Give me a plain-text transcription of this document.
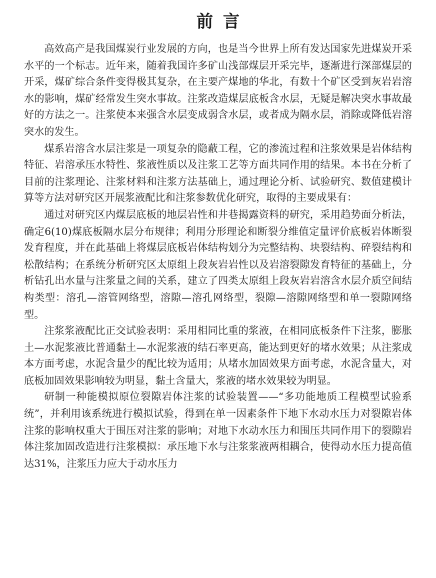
前言

高效高产是我国煤炭行业发展的方向，也是当今世界上所有发达国家先进煤炭开采水平的一个标志。近年来，随着我国许多矿山浅部煤层开采完毕，逐渐进行深部煤层的开采，煤矿综合条件变得极其复杂，在主要产煤地的华北，有数十个矿区受到灰岩岩溶水的影响，煤矿经常发生突水事故。注浆改造煤层底板含水层，无疑是解决突水事故最好的方法之一。注浆使本来强含水层变成弱含水层，或者成为隔水层，消除或降低岩溶突水的发生。

煤系岩溶含水层注浆是一项复杂的隐蔽工程，它的渗流过程和注浆效果是岩体结构特征、岩溶承压水特性、浆液性质以及注浆工艺等方面共同作用的结果。本书在分析了目前的注浆理论、注浆材料和注浆方法基础上，通过理论分析、试验研究、数值建模计算等方法对研究区开展浆液配比和注浆参数优化研究，取得的主要成果有：

通过对研究区内煤层底板的地层岩性和井巷揭露资料的研究，采用趋势面分析法，确定6(10)煤底板隔水层分布规律；利用分形理论和断裂分维值定量评价底板岩体断裂发育程度，并在此基础上将煤层底板岩体结构划分为完整结构、块裂结构、碎裂结构和松散结构；在系统分析研究区太原组上段灰岩岩性以及岩溶裂隙发育特征的基础上，分析钻孔出水量与注浆量之间的关系，建立了四类太原组上段灰岩岩溶含水层介质空间结构类型：溶孔—溶管网络型，溶隙—溶孔网络型，裂隙—溶隙网络型和单一裂隙网络型。

注浆浆液配比正交试验表明：采用相同比重的浆液，在相同底板条件下注浆，膨胀土—水泥浆液比普通黏土—水泥浆液的结石率更高，能达到更好的堵水效果；从注浆成本方面考虑，水泥含量少的配比较为适用；从堵水加固效果方面考虑，水泥含量大，对底板加固效果影响较为明显，黏土含量大，浆液的堵水效果较为明显。

研制一种能模拟原位裂隙岩体注浆的试验装置——“多功能地质工程模型试验系统”，并利用该系统进行模拟试验，得到在单一因素条件下地下水动水压力对裂隙岩体注浆的影响权重大于围压对注浆的影响；对地下水动水压力和围压共同作用下的裂隙岩体注浆加固改造进行注浆模拟：承压地下水与注浆浆液两相耦合，使得动水压力提高值达31%，注浆压力应大于动水压力
